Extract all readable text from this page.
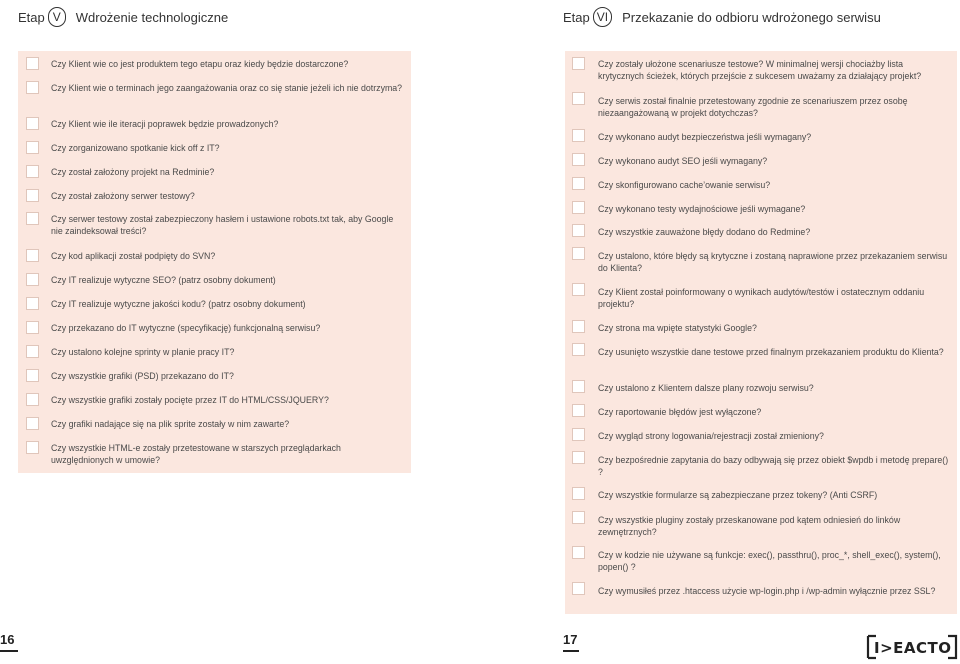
Etap V	Wdrożenie technologiczne	Etap VI	Przekazanie do odbioru wdrożonego serwisu
Czy Klient wie co jest produktem tego etapu oraz kiedy będzie dostarczone?
Czy Klient wie o terminach jego zaangażowania oraz co się stanie jeżeli ich nie dotrzyma?
Czy Klient wie ile iteracji poprawek będzie prowadzonych?
Czy zorganizowano spotkanie kick off z IT?
Czy został założony projekt na Redminie?
Czy został założony serwer testowy?
Czy serwer testowy został zabezpieczony hasłem i ustawione robots.txt tak, aby Google nie zaindeksował treści?
Czy kod aplikacji został podpięty do SVN?
Czy IT realizuje wytyczne SEO? (patrz osobny dokument)
Czy IT realizuje wytyczne jakości kodu? (patrz osobny dokument)
Czy przekazano do IT wytyczne (specyfikację) funkcjonalną serwisu?
Czy ustalono kolejne sprinty w planie pracy IT?
Czy wszystkie grafiki (PSD) przekazano do IT?
Czy wszystkie grafiki zostały pocięte przez IT do HTML/CSS/JQUERY?
Czy grafiki nadające się na plik sprite zostały w nim zawarte?
Czy wszystkie HTML-e zostały przetestowane w starszych przeglądarkach uwzględnionych w umowie?
Czy zostały ułożone scenariusze testowe? W minimalnej wersji chociażby lista krytycznych ścieżek, których przejście z sukcesem uważamy za działający projekt?
Czy serwis został finalnie przetestowany zgodnie ze scenariuszem przez osobę niezaangażowaną w projekt dotychczas?
Czy wykonano audyt bezpieczeństwa jeśli wymagany?
Czy wykonano audyt SEO jeśli wymagany?
Czy skonfigurowano cache’owanie serwisu?
Czy wykonano testy wydajnościowe jeśli wymagane?
Czy wszystkie zauważone błędy dodano do Redmine?
Czy ustalono, które błędy są krytyczne i zostaną naprawione przez przekazaniem serwisu do Klienta?
Czy Klient został poinformowany o wynikach audytów/testów i ostatecznym oddaniu projektu?
Czy strona ma wpięte statystyki Google?
Czy usunięto wszystkie dane testowe przed finalnym przekazaniem produktu do Klienta?
Czy ustalono z Klientem dalsze plany rozwoju serwisu?
Czy raportowanie błędów jest wyłączone?
Czy wygląd strony logowania/rejestracji został zmieniony?
Czy bezpośrednie zapytania do bazy odbywają się przez obiekt $wpdb i metodę prepare() ?
Czy wszystkie formularze są zabezpieczane przez tokeny? (Anti CSRF)
Czy wszystkie pluginy zostały przeskanowane pod kątem odniesień do linków zewnętrznych?
Czy w kodzie nie używane są funkcje: exec(), passthru(), proc_*, shell_exec(), system(), popen() ?
Czy wymusiłeś przez .htaccess użycie wp-login.php i /wp-admin wyłącznie przez SSL?
16	17	I>EACTO
